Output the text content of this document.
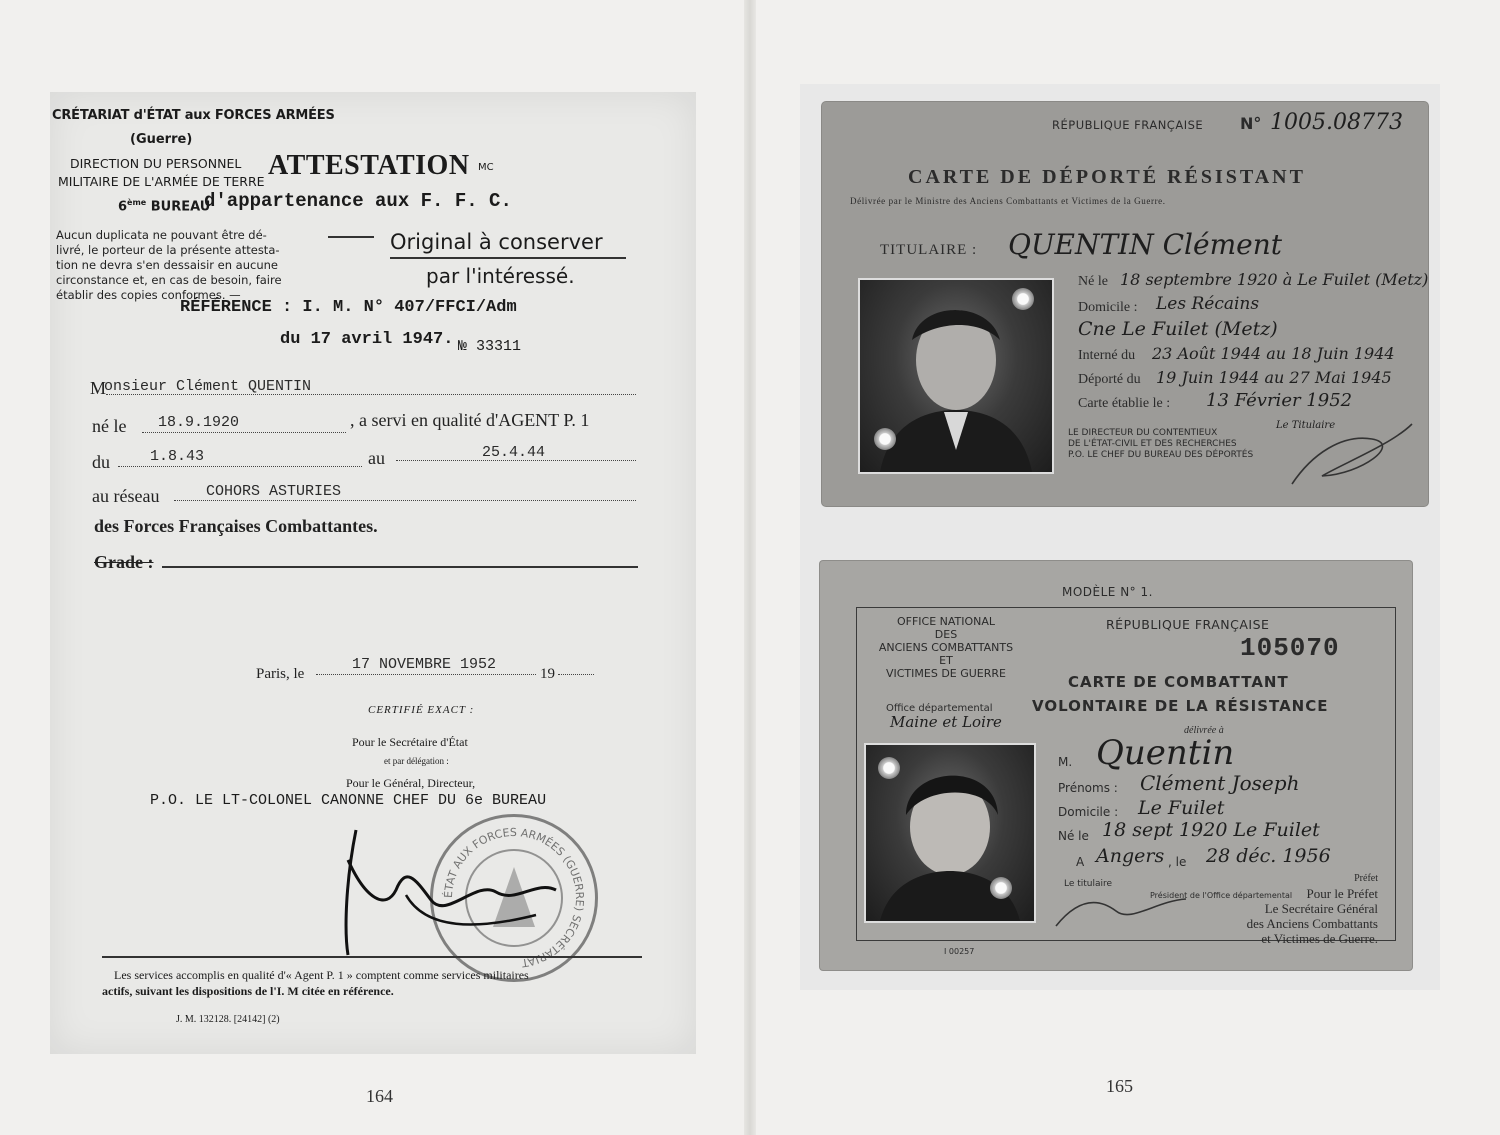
CRÉTARIAT d'ÉTAT aux FORCES ARMÉES
(Guerre)
DIRECTION DU PERSONNEL
MILITAIRE DE L'ARMÉE DE TERRE
6ème BUREAU
ATTESTATION MC
d'appartenance aux F. F. C.
Aucun duplicata ne pouvant être dé-
livré, le porteur de la présente attesta-
tion ne devra s'en dessaisir en aucune
circonstance et, en cas de besoin, faire
établir des copies conformes. —
Original à conserver
par l'intéressé.
RÉFÉRENCE : I. M. N° 407/FFCI/Adm
du 17 avril 1947. № 33311
M
onsieur Clément QUENTIN
né le 18.9.1920	, a servi en qualité d'AGENT P. 1
du	1.8.43	au	25.4.44
au réseau	COHORS ASTURIES
des Forces Françaises Combattantes.
Grade :
Paris, le
17 NOVEMBRE 1952
19
CERTIFIÉ EXACT :
Pour le Secrétaire d'État
et par délégation :
Pour le Général, Directeur,
P.O. LE LT-COLONEL CANONNE CHEF DU 6e BUREAU
ÉTAT AUX FORCES ARMÉES (GUERRE) SECRÉTARIAT
Les services accomplis en qualité d'« Agent P. 1 » comptent comme services militaires
actifs, suivant les dispositions de l'I. M citée en référence.
J. M. 132128. [24142] (2)
164
RÉPUBLIQUE FRANÇAISE N° 1005.08773
CARTE DE DÉPORTÉ RÉSISTANT
Délivrée par le Ministre des Anciens Combattants et Victimes de la Guerre.
TITULAIRE : QUENTIN Clément
Né le 18 septembre 1920 à Le Fuilet (Metz)
Domicile : Les Récains
Cne Le Fuilet (Metz)
Interné du 23 Août 1944 au 18 Juin 1944
Déporté du 19 Juin 1944 au 27 Mai 1945
Carte établie le : 13 Février 1952
LE DIRECTEUR DU CONTENTIEUX
DE L'ÉTAT-CIVIL ET DES RECHERCHES
P.O. LE CHEF DU BUREAU DES DÉPORTÉS
Le Titulaire
MODÈLE N° 1.
OFFICE NATIONAL
DES
ANCIENS COMBATTANTS
ET
VICTIMES DE GUERRE
RÉPUBLIQUE FRANÇAISE
105070
CARTE DE COMBATTANT
VOLONTAIRE DE LA RÉSISTANCE
délivrée à
Office départemental
Maine et Loire
M. Quentin
Prénoms : Clément Joseph
Domicile : Le Fuilet
Né le 18 sept 1920 Le Fuilet
A Angers , le 28 déc. 1956
Le titulaire
Président de l'Office départemental
Préfet
Pour le Préfet
Le Secrétaire Général
des Anciens Combattants
et Victimes de Guerre.
I 00257
165
